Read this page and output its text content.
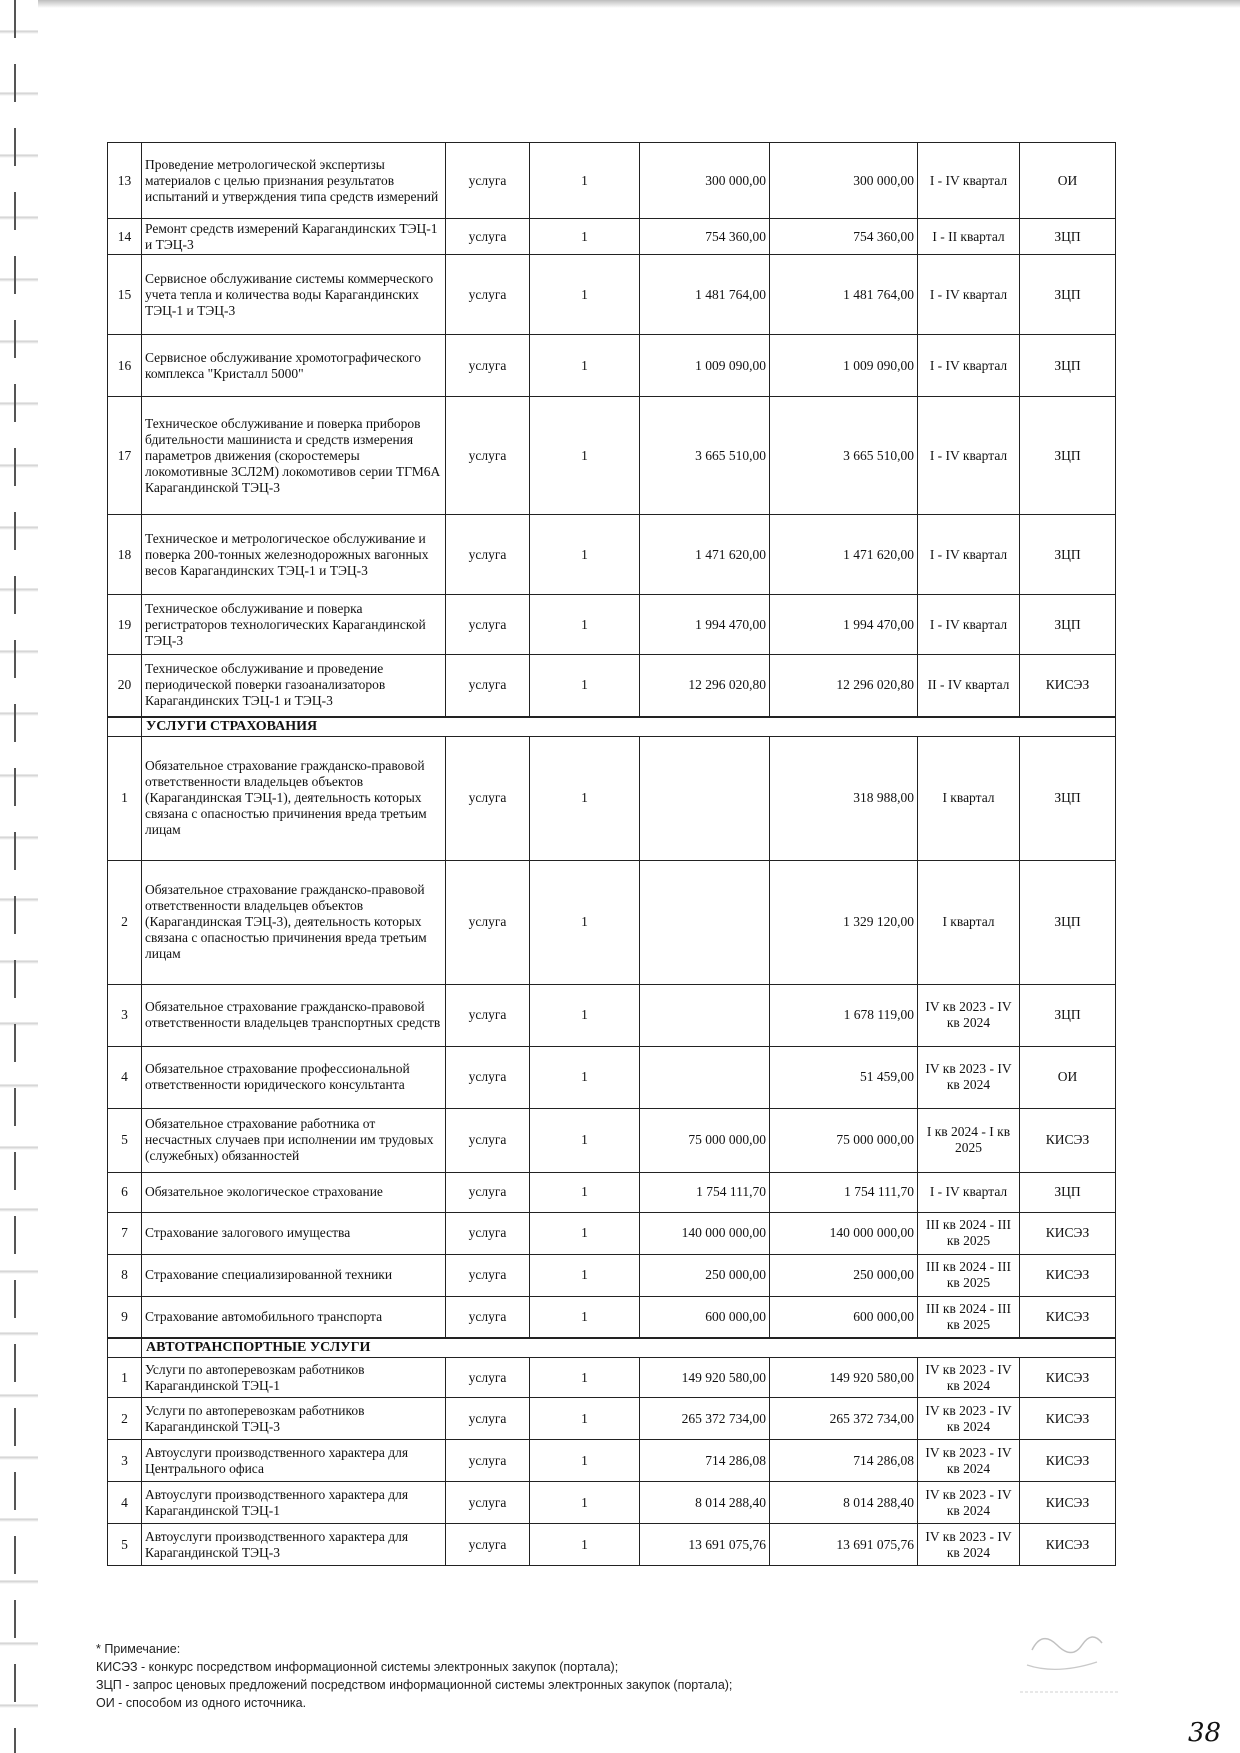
13	Проведение метрологической экспертизы материалов с целью признания результатов испытаний и утверждения типа средств измерений	услуга	1	300 000,00	300 000,00	I - IV квартал	ОИ
14	Ремонт средств измерений Карагандинских ТЭЦ-1 и ТЭЦ-3	услуга	1	754 360,00	754 360,00	I - II квартал	ЗЦП
15	Сервисное обслуживание системы коммерческого учета тепла и количества воды Карагандинских ТЭЦ-1 и ТЭЦ-3	услуга	1	1 481 764,00	1 481 764,00	I - IV квартал	ЗЦП
16	Сервисное обслуживание хромотографического комплекса "Кристалл 5000"	услуга	1	1 009 090,00	1 009 090,00	I - IV квартал	ЗЦП
17	Техническое обслуживание и поверка приборов бдительности машиниста и средств измерения параметров движения (скоростемеры локомотивные 3СЛ2М) локомотивов серии ТГМ6А Карагандинской ТЭЦ-3	услуга	1	3 665 510,00	3 665 510,00	I - IV квартал	ЗЦП
18	Техническое и метрологическое обслуживание и поверка 200-тонных железнодорожных вагонных весов Карагандинских ТЭЦ-1 и ТЭЦ-3	услуга	1	1 471 620,00	1 471 620,00	I - IV квартал	ЗЦП
19	Техническое обслуживание и поверка регистраторов технологических Карагандинской ТЭЦ-3	услуга	1	1 994 470,00	1 994 470,00	I - IV квартал	ЗЦП
20	Техническое обслуживание и проведение периодической поверки газоанализаторов Карагандинских ТЭЦ-1 и ТЭЦ-3	услуга	1	12 296 020,80	12 296 020,80	II - IV квартал	КИСЭЗ
	УСЛУГИ СТРАХОВАНИЯ						
1	Обязательное страхование гражданско-правовой ответственности владельцев объектов (Карагандинская ТЭЦ-1), деятельность которых связана с опасностью причинения вреда третьим лицам	услуга	1		318 988,00	I квартал	ЗЦП
2	Обязательное страхование гражданско-правовой ответственности владельцев объектов (Карагандинская ТЭЦ-3), деятельность которых связана с опасностью причинения вреда третьим лицам	услуга	1		1 329 120,00	I квартал	ЗЦП
3	Обязательное страхование гражданско-правовой ответственности владельцев транспортных средств	услуга	1		1 678 119,00	IV кв 2023 - IV кв 2024	ЗЦП
4	Обязательное страхование профессиональной ответственности юридического консультанта	услуга	1		51 459,00	IV кв 2023 - IV кв 2024	ОИ
5	Обязательное страхование работника от несчастных случаев при исполнении им трудовых (служебных) обязанностей	услуга	1	75 000 000,00	75 000 000,00	I кв 2024 - I кв 2025	КИСЭЗ
6	Обязательное экологическое страхование	услуга	1	1 754 111,70	1 754 111,70	I - IV квартал	ЗЦП
7	Страхование залогового имущества	услуга	1	140 000 000,00	140 000 000,00	III кв 2024 - III кв 2025	КИСЭЗ
8	Страхование специализированной техники	услуга	1	250 000,00	250 000,00	III кв 2024 - III кв 2025	КИСЭЗ
9	Страхование автомобильного транспорта	услуга	1	600 000,00	600 000,00	III кв 2024 - III кв 2025	КИСЭЗ
	АВТОТРАНСПОРТНЫЕ УСЛУГИ						
1	Услуги по автоперевозкам работников Карагандинской ТЭЦ-1	услуга	1	149 920 580,00	149 920 580,00	IV кв 2023 - IV кв 2024	КИСЭЗ
2	Услуги по автоперевозкам работников Карагандинской ТЭЦ-3	услуга	1	265 372 734,00	265 372 734,00	IV кв 2023 - IV кв 2024	КИСЭЗ
3	Автоуслуги производственного характера для Центрального офиса	услуга	1	714 286,08	714 286,08	IV кв 2023 - IV кв 2024	КИСЭЗ
4	Автоуслуги производственного характера для Карагандинской ТЭЦ-1	услуга	1	8 014 288,40	8 014 288,40	IV кв 2023 - IV кв 2024	КИСЭЗ
5	Автоуслуги производственного характера для Карагандинской ТЭЦ-3	услуга	1	13 691 075,76	13 691 075,76	IV кв 2023 - IV кв 2024	КИСЭЗ
* Примечание:
КИСЭЗ - конкурс посредством информационной системы электронных закупок (портала);
ЗЦП - запрос ценовых предложений посредством информационной системы электронных закупок (портала);
ОИ - способом из одного источника.
38
